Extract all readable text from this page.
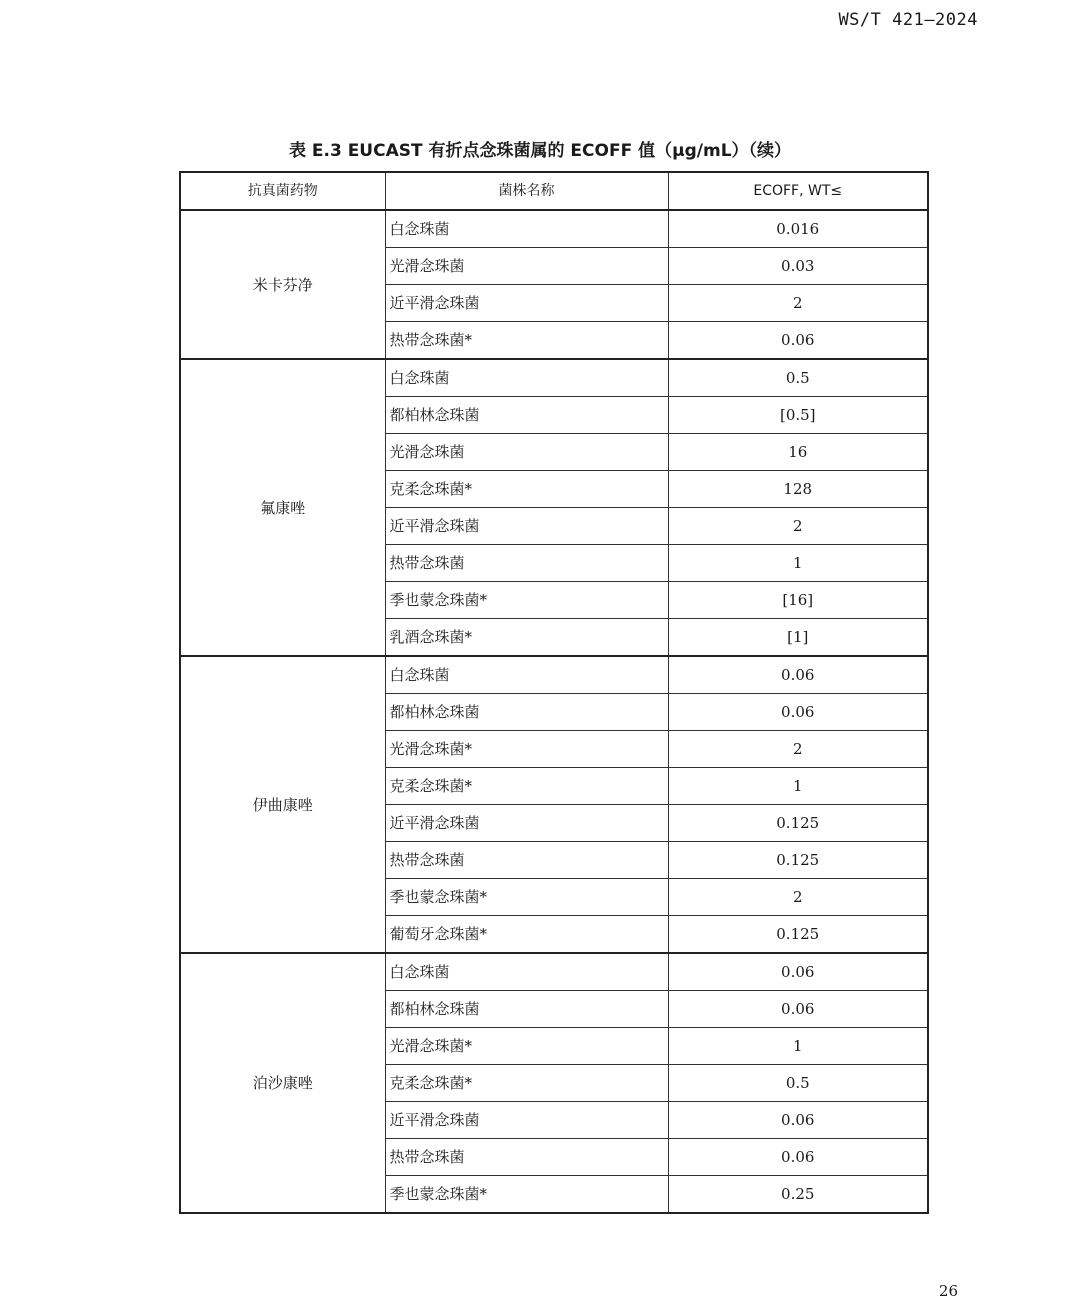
WS/T 421—2024
表 E.3 EUCAST 有折点念珠菌属的 ECOFF 值（μg/mL）（续）
抗真菌药物	菌株名称	ECOFF, WT≤
米卡芬净	白念珠菌	0.016
	光滑念珠菌	0.03
	近平滑念珠菌	2
	热带念珠菌*	0.06
氟康唑	白念珠菌	0.5
	都柏林念珠菌	[0.5]
	光滑念珠菌	16
	克柔念珠菌*	128
	近平滑念珠菌	2
	热带念珠菌	1
	季也蒙念珠菌*	[16]
	乳酒念珠菌*	[1]
伊曲康唑	白念珠菌	0.06
	都柏林念珠菌	0.06
	光滑念珠菌*	2
	克柔念珠菌*	1
	近平滑念珠菌	0.125
	热带念珠菌	0.125
	季也蒙念珠菌*	2
	葡萄牙念珠菌*	0.125
泊沙康唑	白念珠菌	0.06
	都柏林念珠菌	0.06
	光滑念珠菌*	1
	克柔念珠菌*	0.5
	近平滑念珠菌	0.06
	热带念珠菌	0.06
	季也蒙念珠菌*	0.25
26
